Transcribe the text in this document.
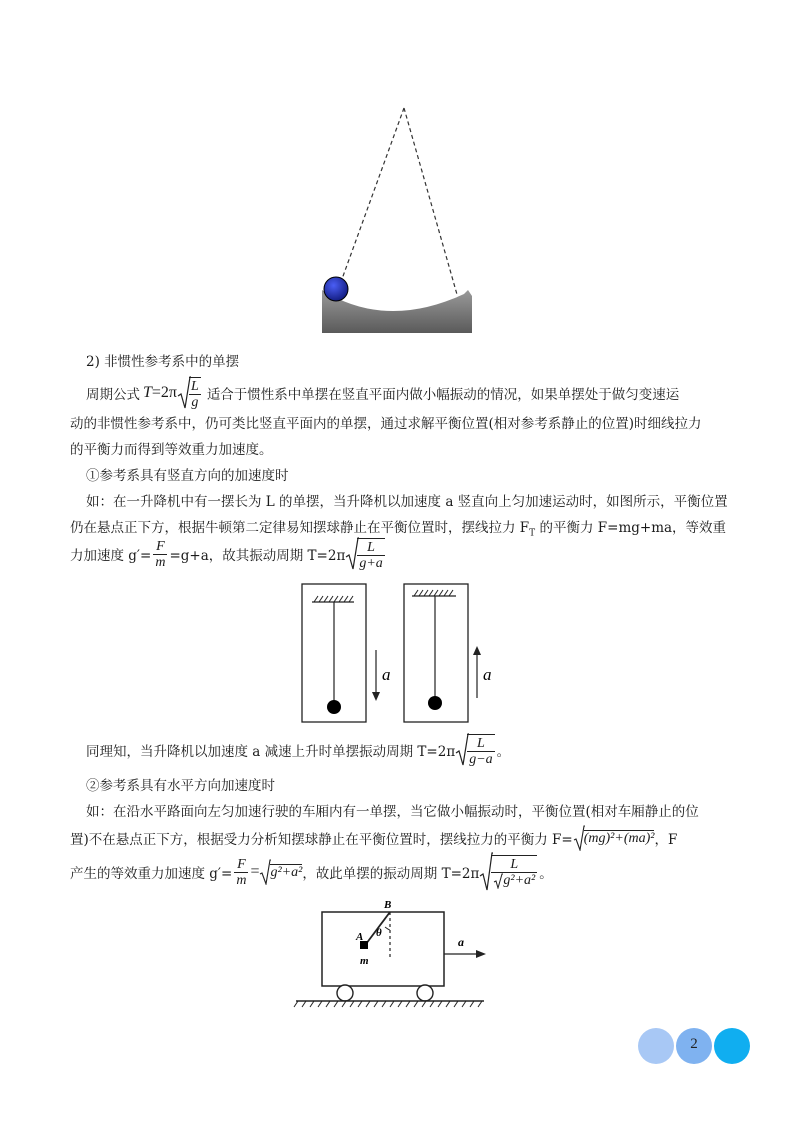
2) 非惯性参考系中的单摆
周期公式 $T =2\pi \frac{L}{g}$ 适合于惯性系中单摆在竖直平面内做小幅振动的情况，如果单摆处于做匀变速运
动的非惯性参考系中，仍可类比竖直平面内的单摆，通过求解平衡位置(相对参考系静止的位置)时细线拉力
的平衡力而得到等效重力加速度。
①参考系具有竖直方向的加速度时
如：在一升降机中有一摆长为 L 的单摆，当升降机以加速度 a 竖直向上匀加速运动时，如图所示，平衡位置
仍在悬点正下方，根据牛顿第二定律易知摆球静止在平衡位置时，摆线拉力 $F_T$ 的平衡力 F=mg+ma，等效重
力加速度 $g'= \frac{F}{m} =g+a$，故其振动周期 $T=2\pi \frac{L}{g+a}$
a	a
同理知，当升降机以加速度 a 减速上升时单摆振动周期 $T=2\pi \frac{L}{g-a}$ 。
②参考系具有水平方向加速度时
如：在沿水平路面向左匀加速行驶的车厢内有一单摆，当它做小幅振动时，平衡位置(相对车厢静止的位
置)不在悬点正下方，根据受力分析知摆球静止在平衡位置时，摆线拉力的平衡力 F= (mg)²+(ma)² ，F
产生的等效重力加速度 $g'= \frac{F}{m} = g^2+a^2$ ，故此单摆的振动周期 $T=2\pi \frac{L}{\text{g²+a²}}$ 。
B
A θ
m
a
2
